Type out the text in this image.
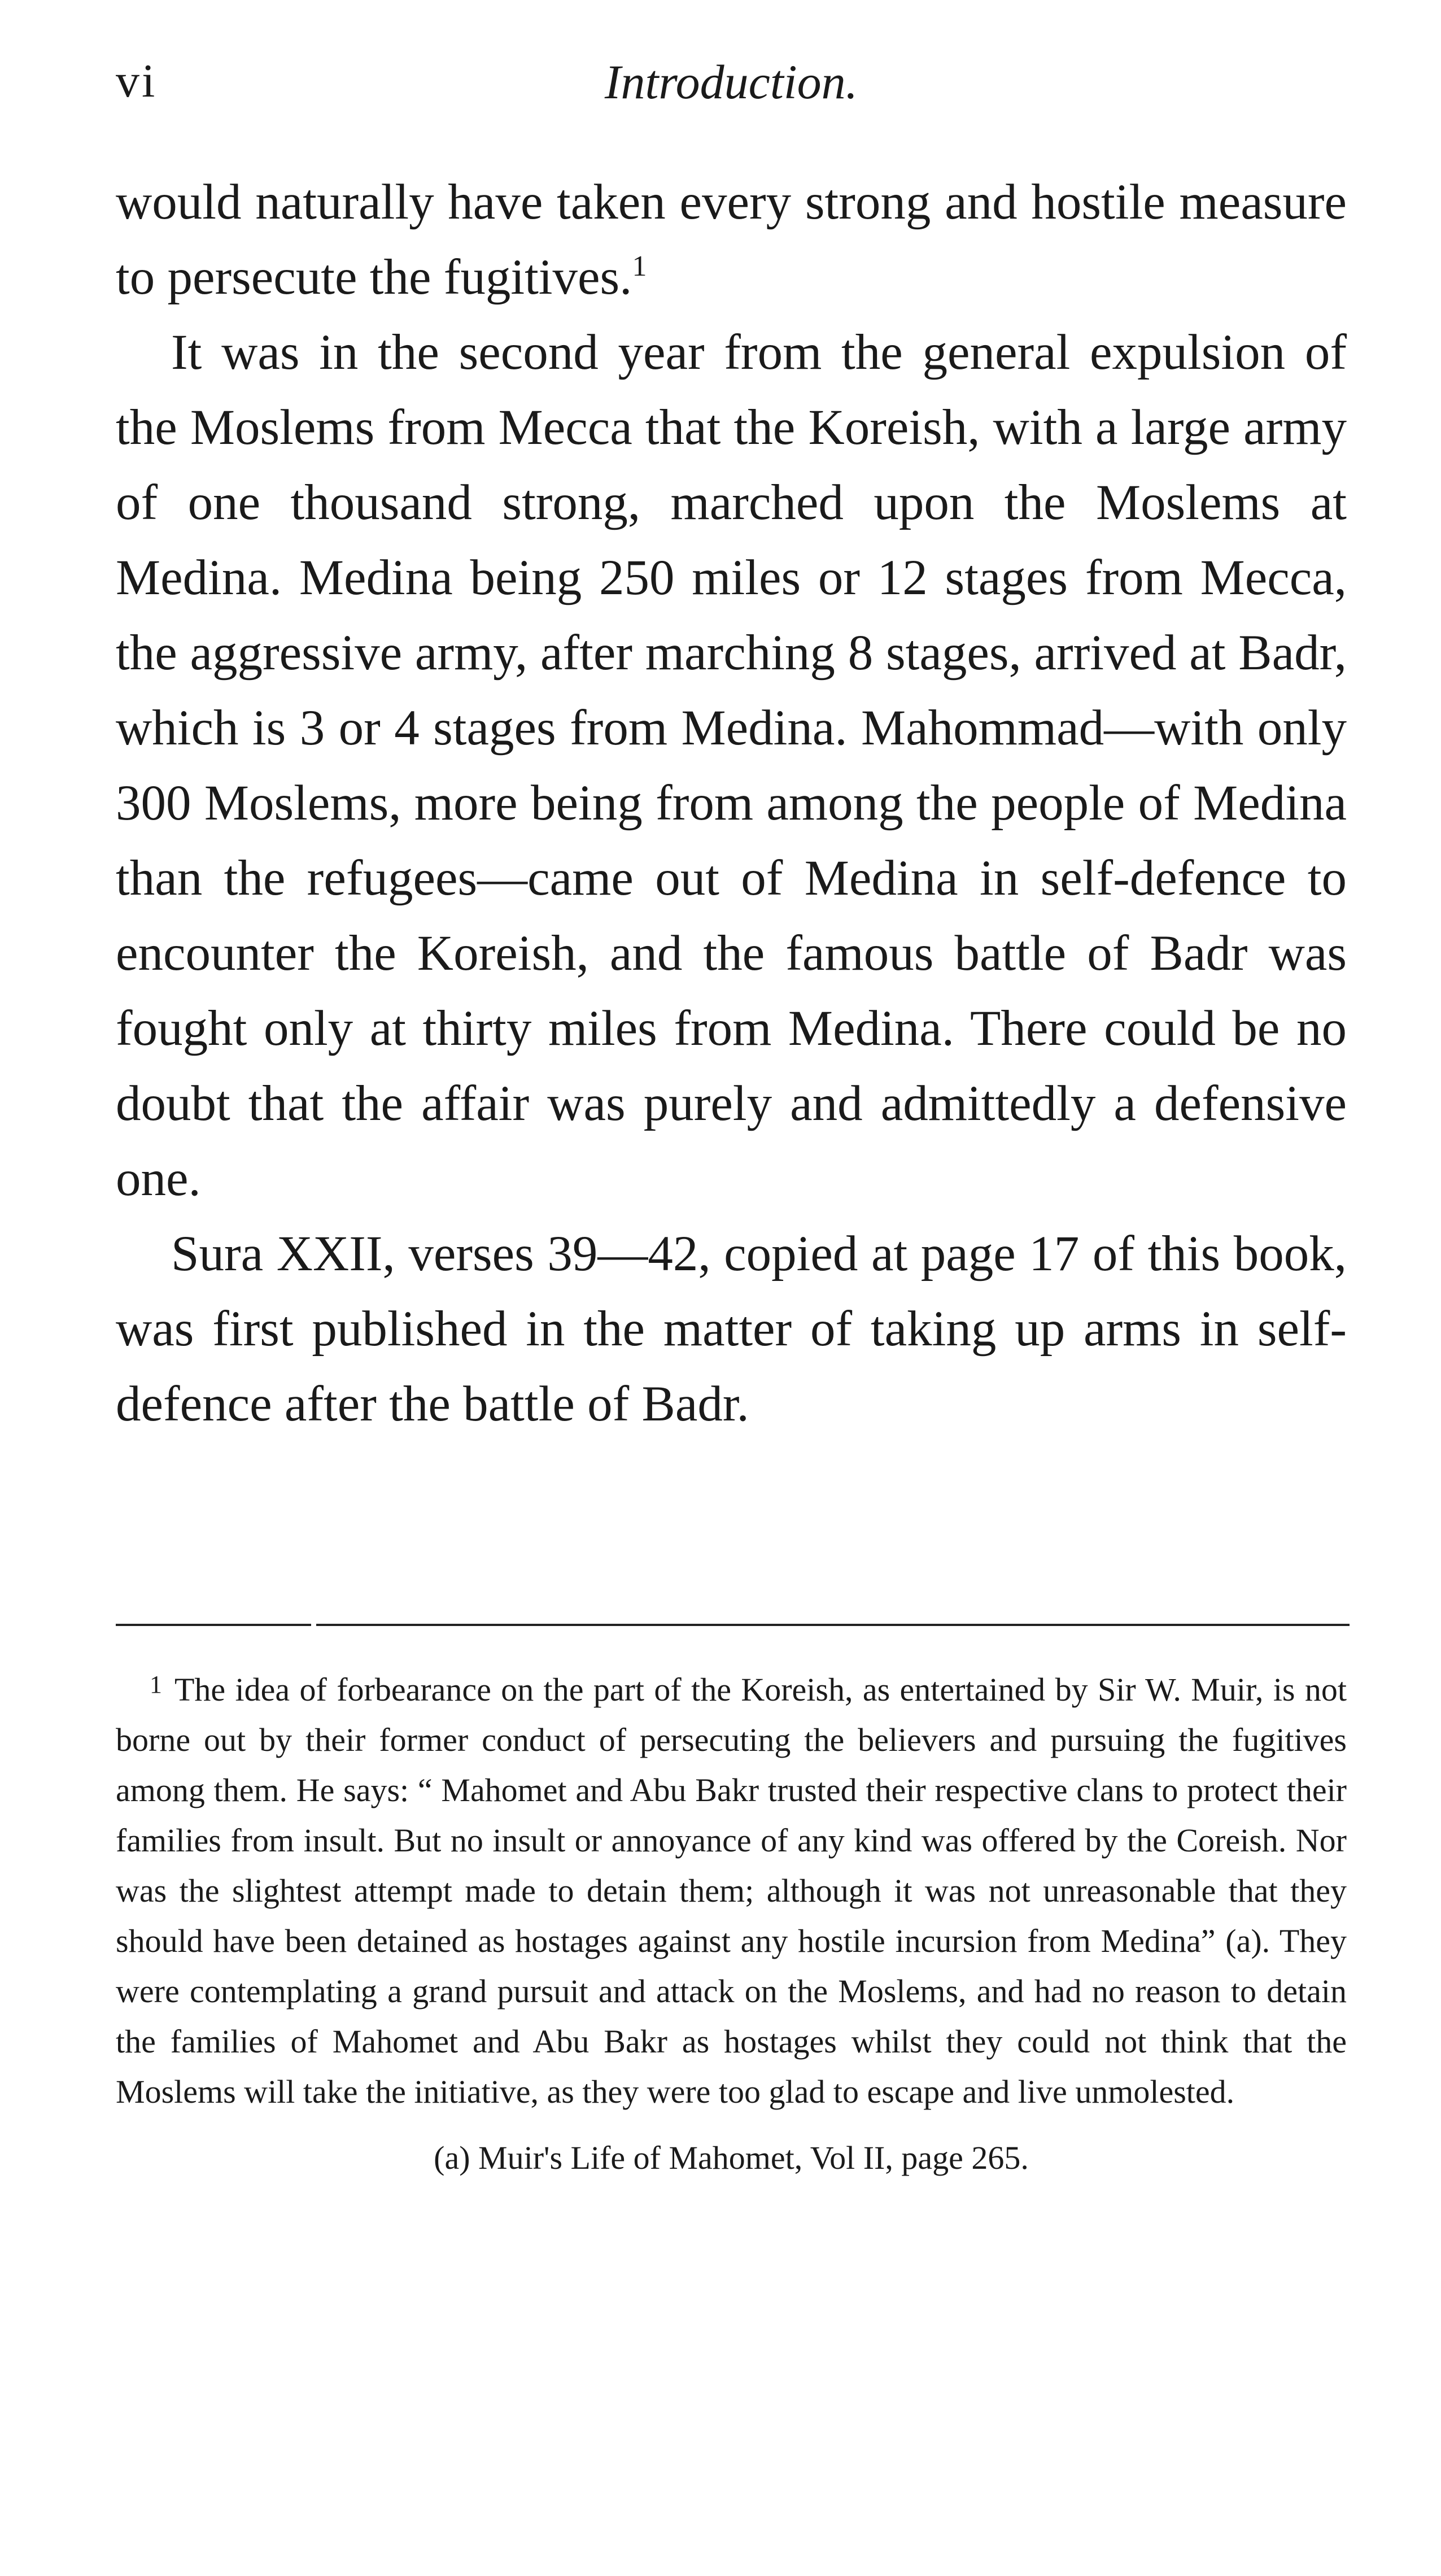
vi	Introduction.

would naturally have taken every strong and hostile measure to persecute the fugitives.$^1$

It was in the second year from the general expulsion of the Moslems from Mecca that the Koreish, with a large army of one thousand strong, marched upon the Moslems at Medina. Medina being 250 miles or 12 stages from Mecca, the aggressive army, after marching 8 stages, arrived at Badr, which is 3 or 4 stages from Medina. Mahommad—with only 300 Moslems, more being from among the people of Medina than the refugees—came out of Medina in self-defence to encounter the Koreish, and the famous battle of Badr was fought only at thirty miles from Medina. There could be no doubt that the affair was purely and admittedly a defensive one.

Sura XXII, verses 39—42, copied at page 17 of this book, was first published in the matter of taking up arms in self-defence after the battle of Badr.

$^1$ The idea of forbearance on the part of the Koreish, as entertained by Sir W. Muir, is not borne out by their former conduct of persecuting the believers and pursuing the fugitives among them. He says: “ Mahomet and Abu Bakr trusted their respective clans to protect their families from insult. But no insult or annoyance of any kind was offered by the Coreish. Nor was the slightest attempt made to detain them; although it was not unreasonable that they should have been detained as hostages against any hostile incursion from Medina” (a). They were contemplating a grand pursuit and attack on the Moslems, and had no reason to detain the families of Mahomet and Abu Bakr as hostages whilst they could not think that the Moslems will take the initiative, as they were too glad to escape and live unmolested.

(a) Muir's Life of Mahomet, Vol II, page 265.
